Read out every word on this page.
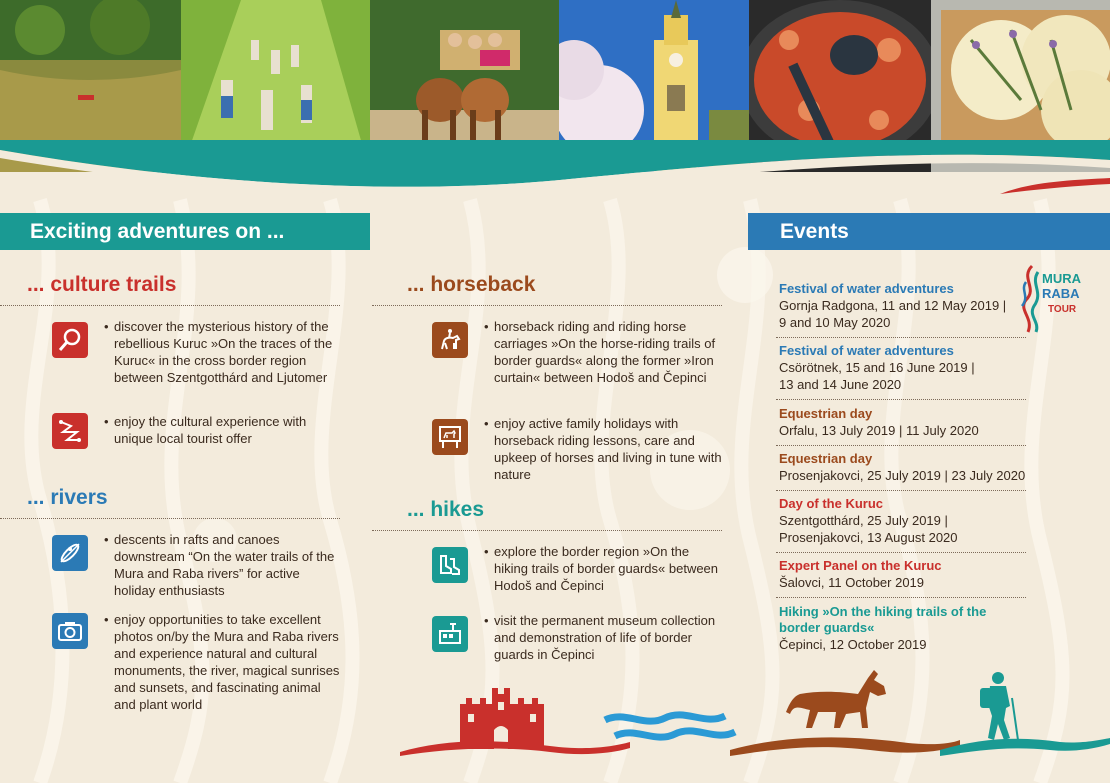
Exciting adventures on ...	Events
... culture trails
• discover the mysterious history of the rebellious Kuruc »On the traces of the Kuruc« in the cross border region between Szentgotthárd and Ljutomer
• enjoy the cultural experience with unique local tourist offer
... rivers
• descents in rafts and canoes downstream “On the water trails of the Mura and Raba rivers” for active holiday enthusiasts
• enjoy opportunities to take excellent photos on/by the Mura and Raba rivers and experience natural and cultural monuments, the river, magical sunrises and sunsets, and fascinating animal and plant world
... horseback
• horseback riding and riding horse carriages »On the horse-riding trails of border guards« along the former »Iron curtain« between Hodoš and Čepinci
• enjoy active family holidays with horseback riding lessons, care and upkeep of horses and living in tune with nature
... hikes
• explore the border region »On the hiking trails of border guards« between Hodoš and Čepinci
• visit the permanent museum collection and demonstration of life of border guards in Čepinci
Festival of water adventures
Gornja Radgona, 11 and 12 May 2019 |
9 and 10 May 2020
Festival of water adventures
Csörötnek, 15 and 16 June 2019 |
13 and 14 June 2020
Equestrian day
Orfalu, 13 July 2019 | 11 July 2020
Equestrian day
Prosenjakovci, 25 July 2019 | 23 July 2020
Day of the Kuruc
Szentgotthárd, 25 July 2019 |
Prosenjakovci, 13 August 2020
Expert Panel on the Kuruc
Šalovci, 11 October 2019
Hiking »On the hiking trails of the border guards«
Čepinci, 12 October 2019
MURA
RABA
TOUR
